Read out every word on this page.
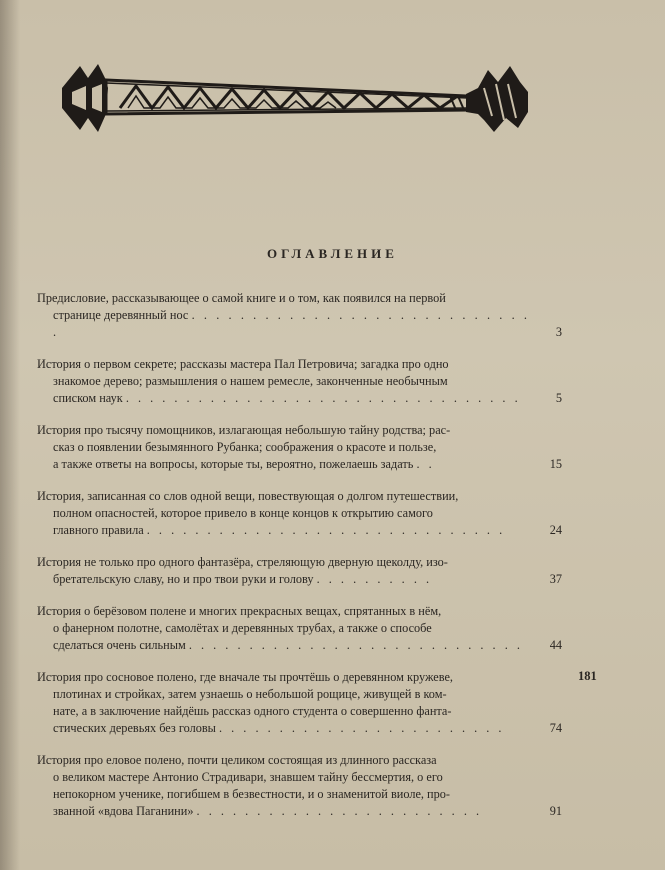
ОГЛАВЛЕНИЕ
Предисловие, рассказывающее о самой книге и о том, как появился на первой
странице деревянный нос . . . . . . . . . . . . . . . . . . . . . . . . . . . . .	3
История о первом секрете; рассказы мастера Пал Петровича; загадка про одно
знакомое дерево; размышления о нашем ремесле, законченные необычным
списком наук . . . . . . . . . . . . . . . . . . . . . . . . . . . . . . . . .	5
История про тысячу помощников, излагающая небольшую тайну родства; рас-
сказ о появлении безымянного Рубанка; соображения о красоте и пользе,
а также ответы на вопросы, которые ты, вероятно, пожелаешь задать . .	15
История, записанная со слов одной вещи, повествующая о долгом путешествии,
полном опасностей, которое привело в конце концов к открытию самого
главного правила . . . . . . . . . . . . . . . . . . . . . . . . . . . . . .	24
История не только про одного фантазёра, стреляющую дверную щеколду, изо-
бретательскую славу, но и про твои руки и голову . . . . . . . . . .	37
История о берёзовом полене и многих прекрасных вещах, спрятанных в нём,
о фанерном полотне, самолётах и деревянных трубах, а также о способе
сделаться очень сильным . . . . . . . . . . . . . . . . . . . . . . . . . . . .	44
История про сосновое полено, где вначале ты прочтёшь о деревянном кружеве,
плотинах и стройках, затем узнаешь о небольшой рощице, живущей в ком-
нате, а в заключение найдёшь рассказ одного студента о совершенно фанта-
стических деревьях без головы . . . . . . . . . . . . . . . . . . . . . . . .	74
История про еловое полено, почти целиком состоящая из длинного рассказа
о великом мастере Антонио Страдивари, знавшем тайну бессмертия, о его
непокорном ученике, погибшем в безвестности, и о знаменитой виоле, про-
званной «вдова Паганини» . . . . . . . . . . . . . . . . . . . . . . . .	91
181
